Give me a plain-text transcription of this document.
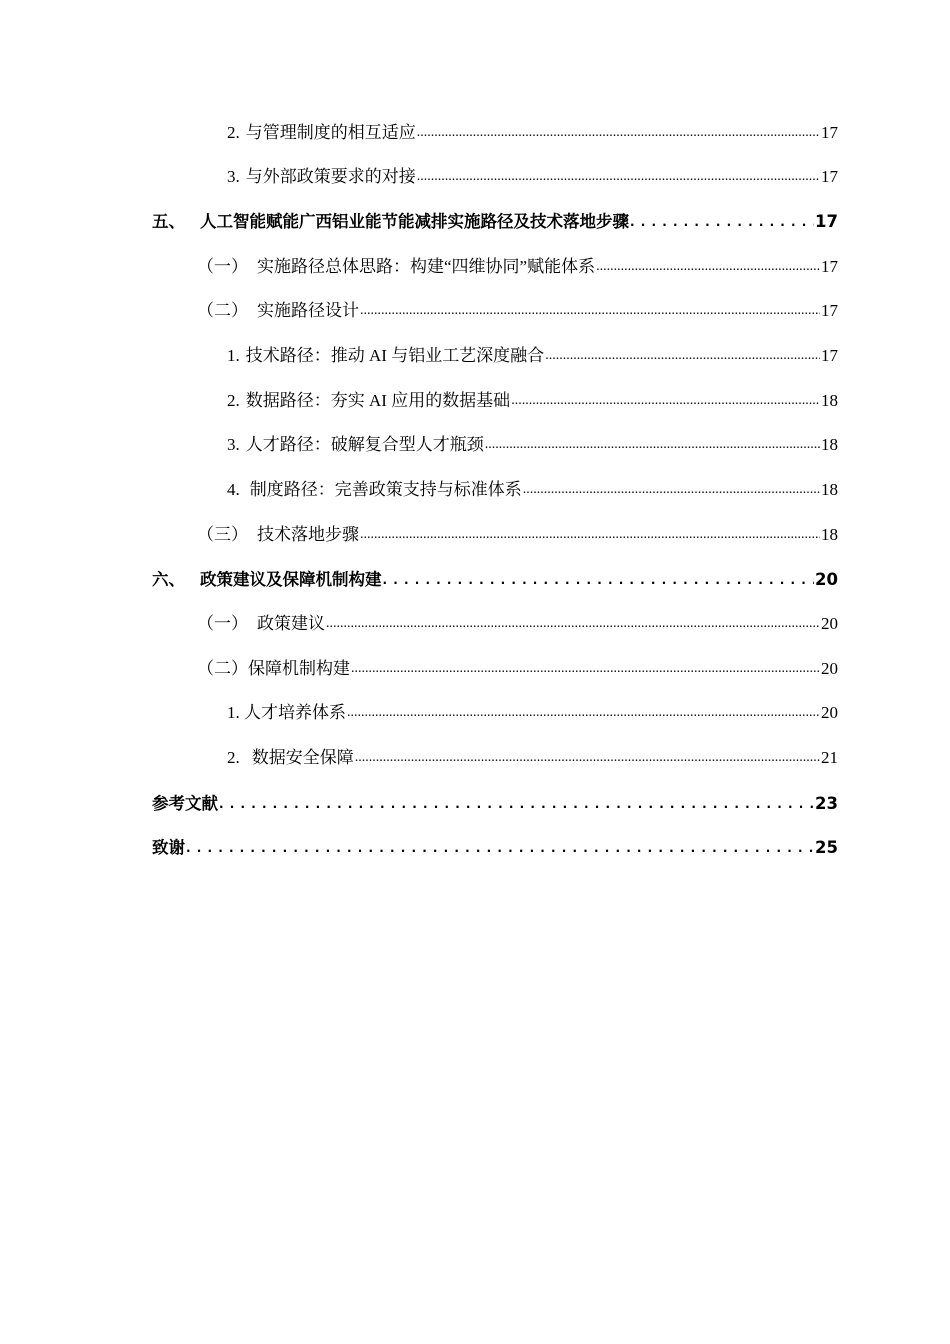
2. 与管理制度的相互适应 .....	17
3. 与外部政策要求的对接 .....	17
五、 人工智能赋能广西铝业能节能减排实施路径及技术落地步骤 . . .	17
（一） 实施路径总体思路：构建“四维协同”赋能体系 .....	17
（二） 实施路径设计 .....	17
1. 技术路径：推动 AI 与铝业工艺深度融合 .....	17
2. 数据路径：夯实 AI 应用的数据基础 .....	18
3. 人才路径：破解复合型人才瓶颈 .....	18
4. 制度路径：完善政策支持与标准体系 .....	18
（三） 技术落地步骤 .....	18
六、 政策建议及保障机制构建 . . .	20
（一） 政策建议 .....	20
（二）保障机制构建 .....	20
1. 人才培养体系 .....	20
2. 数据安全保障 .....	21
参考文献 . . .	23
致谢 . . .	25
